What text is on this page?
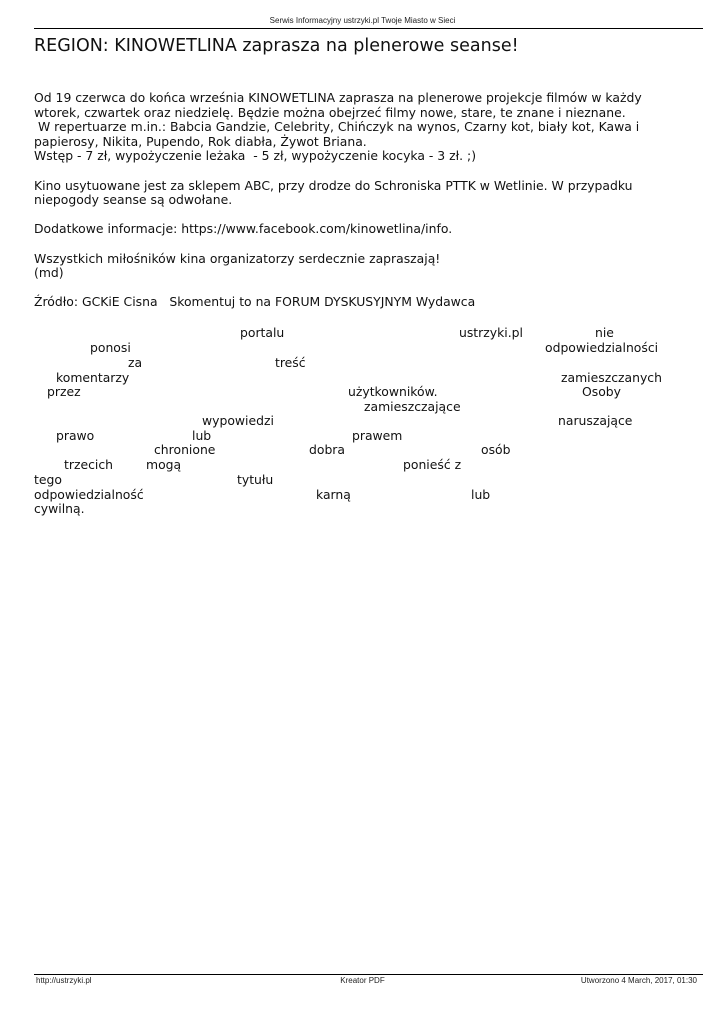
Serwis Informacyjny ustrzyki.pl Twoje Miasto w Sieci
REGION: KINOWETLINA zaprasza na plenerowe seanse!

Od 19 czerwca do końca września KINOWETLINA zaprasza na plenerowe projekcje filmów w każdy
wtorek, czwartek oraz niedzielę. Będzie można obejrzeć filmy nowe, stare, te znane i nieznane.
W repertuarze m.in.: Babcia Gandzie, Celebrity, Chińczyk na wynos, Czarny kot, biały kot, Kawa i
papierosy, Nikita, Pupendo, Rok diabła, Żywot Briana.
Wstęp - 7 zł, wypożyczenie leżaka  - 5 zł, wypożyczenie kocyka - 3 zł. ;)

Kino usytuowane jest za sklepem ABC, przy drodze do Schroniska PTTK w Wetlinie. W przypadku
niepogody seanse są odwołane.

Dodatkowe informacje: https://www.facebook.com/kinowetlina/info.

Wszystkich miłośników kina organizatorzy serdecznie zapraszają!
(md)

Źródło: GCKiE Cisna   Skomentuj to na FORUM DYSKUSYJNYM Wydawca

portalu	ustrzyki.pl	nie
ponosi	odpowiedzialności
za	treść
komentarzy	zamieszczanych
przez	użytkowników.	Osoby
zamieszczające
wypowiedzi	naruszające
prawo	lub	prawem
chronione	dobra	osób
trzecich	mogą	ponieść z
tego	tytułu
odpowiedzialność	karną	lub
cywilną.
http://ustrzyki.pl	Kreator PDF	Utworzono 4 March, 2017, 01:30
